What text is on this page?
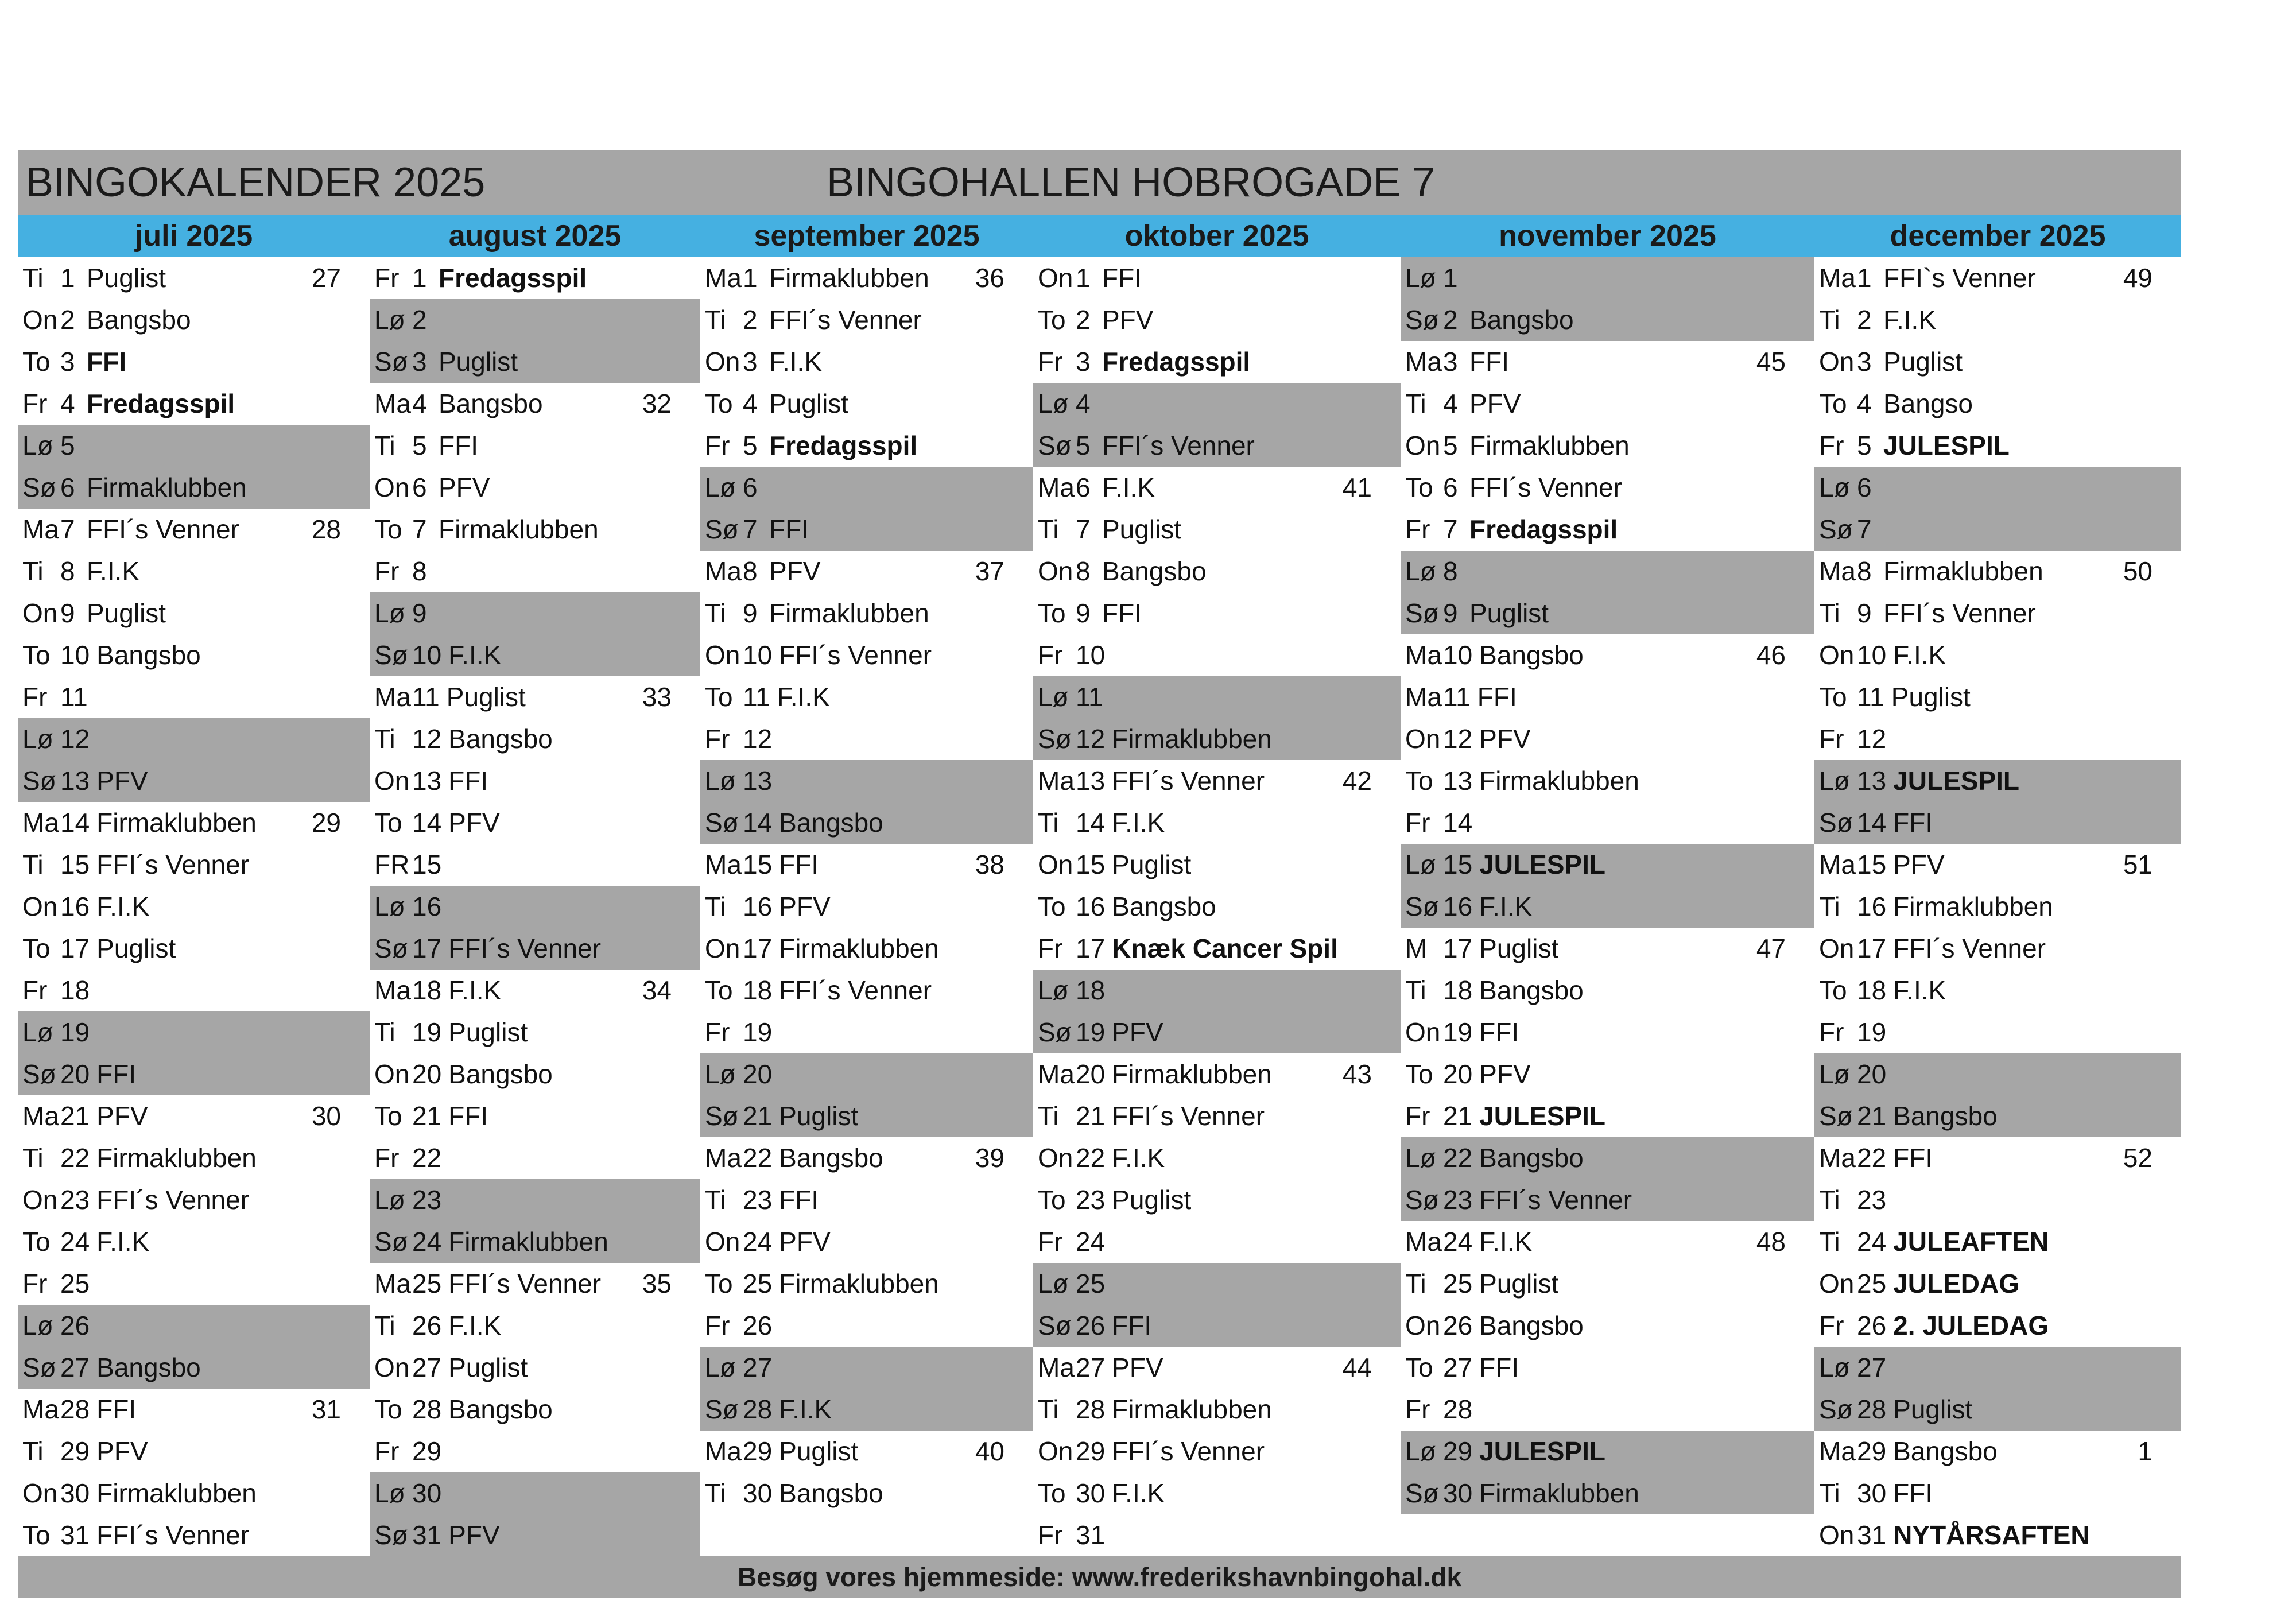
BINGOKALENDER 2025	BINGOHALLEN HOBROGADE 7
juli 2025	august 2025	september 2025	oktober 2025	november 2025	december 2025
Ti 1 Puglist	27
On 2 Bangsbo
To 3 FFI
Fr 4 Fredagsspil
Lø 5
Sø 6 Firmaklubben
Ma7 FFI´s Venner	28
Ti 8 F.I.K
On 9 Puglist
To 10 Bangsbo
Fr 11
Lø 12
Sø 13 PFV
Ma14 Firmaklubben 29
Ti 15 FFI´s Venner
On 16 F.I.K
To 17 Puglist
Fr 18
Lø 19
Sø 20 FFI
Ma21 PFV	30
Ti 22 Firmaklubben
On 23 FFI´s Venner
To 24 F.I.K
Fr 25
Lø 26
Sø 27 Bangsbo
Ma28 FFI	31
Ti 29 PFV
On 30 Firmaklubben
To 31 FFI´s Venner
Fr 1 Fredagsspil
Lø 2
Sø 3 Puglist
Ma4 Bangsbo	32
Ti 5 FFI
On 6 PFV
To 7 Firmaklubben
Fr 8
Lø 9
Sø 10 F.I.K
Ma11 Puglist	33
Ti 12 Bangsbo
On 13 FFI
To 14 PFV
FR 15
Lø 16
Sø 17 FFI´s Venner
Ma18 F.I.K	34
Ti 19 Puglist
On 20 Bangsbo
To 21 FFI
Fr 22
Lø 23
Sø 24 Firmaklubben
Ma25 FFI´s Venner 35
Ti 26 F.I.K
On 27 Puglist
To 28 Bangsbo
Fr 29
Lø 30
Sø 31 PFV
Ma1 Firmaklubben 36
Ti 2 FFI´s Venner
On 3 F.I.K
To 4 Puglist
Fr 5 Fredagsspil
Lø 6
Sø 7 FFI
Ma8 PFV	37
Ti 9 Firmaklubben
On 10 FFI´s Venner
To 11 F.I.K
Fr 12
Lø 13
Sø 14 Bangsbo
Ma15 FFI	38
Ti 16 PFV
On 17 Firmaklubben
To 18 FFI´s Venner
Fr 19
Lø 20
Sø 21 Puglist
Ma22 Bangsbo	39
Ti 23 FFI
On 24 PFV
To 25 Firmaklubben
Fr 26
Lø 27
Sø 28 F.I.K
Ma29 Puglist	40
Ti 30 Bangsbo
On 1 FFI
To 2 PFV
Fr 3 Fredagsspil
Lø 4
Sø 5 FFI´s Venner
Ma6 F.I.K	41
Ti 7 Puglist
On 8 Bangsbo
To 9 FFI
Fr 10
Lø 11
Sø 12 Firmaklubben
Ma13 FFI´s Venner	42
Ti 14 F.I.K
On 15 Puglist
To 16 Bangsbo
Fr 17 Knæk Cancer Spil
Lø 18
Sø 19 PFV
Ma20 Firmaklubben	43
Ti 21 FFI´s Venner
On 22 F.I.K
To 23 Puglist
Fr 24
Lø 25
Sø 26 FFI
Ma27 PFV	44
Ti 28 Firmaklubben
On 29 FFI´s Venner
To 30 F.I.K
Fr 31
Lø 1
Sø 2 Bangsbo
Ma3 FFI	45
Ti 4 PFV
On 5 Firmaklubben
To 6 FFI´s Venner
Fr 7 Fredagsspil
Lø 8
Sø 9 Puglist
Ma10 Bangsbo	46
Ma11 FFI
On 12 PFV
To 13 Firmaklubben
Fr 14
Lø 15 JULESPIL
Sø 16 F.I.K
M 17 Puglist	47
Ti 18 Bangsbo
On 19 FFI
To 20 PFV
Fr 21 JULESPIL
Lø 22 Bangsbo
Sø 23 FFI´s Venner
Ma24 F.I.K	48
Ti 25 Puglist
On 26 Bangsbo
To 27 FFI
Fr 28
Lø 29 JULESPIL
Sø 30 Firmaklubben
Ma1 FFI`s Venner	49
Ti 2 F.I.K
On 3 Puglist
To 4 Bangso
Fr 5 JULESPIL
Lø 6
Sø 7
Ma8 Firmaklubben	50
Ti 9 FFI´s Venner
On 10 F.I.K
To 11 Puglist
Fr 12
Lø 13 JULESPIL
Sø 14 FFI
Ma15 PFV	51
Ti 16 Firmaklubben
On 17 FFI´s Venner
To 18 F.I.K
Fr 19
Lø 20
Sø 21 Bangsbo
Ma22 FFI	52
Ti 23
Ti 24 JULEAFTEN
On 25 JULEDAG
Fr 26 2. JULEDAG
Lø 27
Sø 28 Puglist
Ma29 Bangsbo	1
Ti 30 FFI
On 31 NYTÅRSAFTEN
Besøg vores hjemmeside: www.frederikshavnbingohal.dk
